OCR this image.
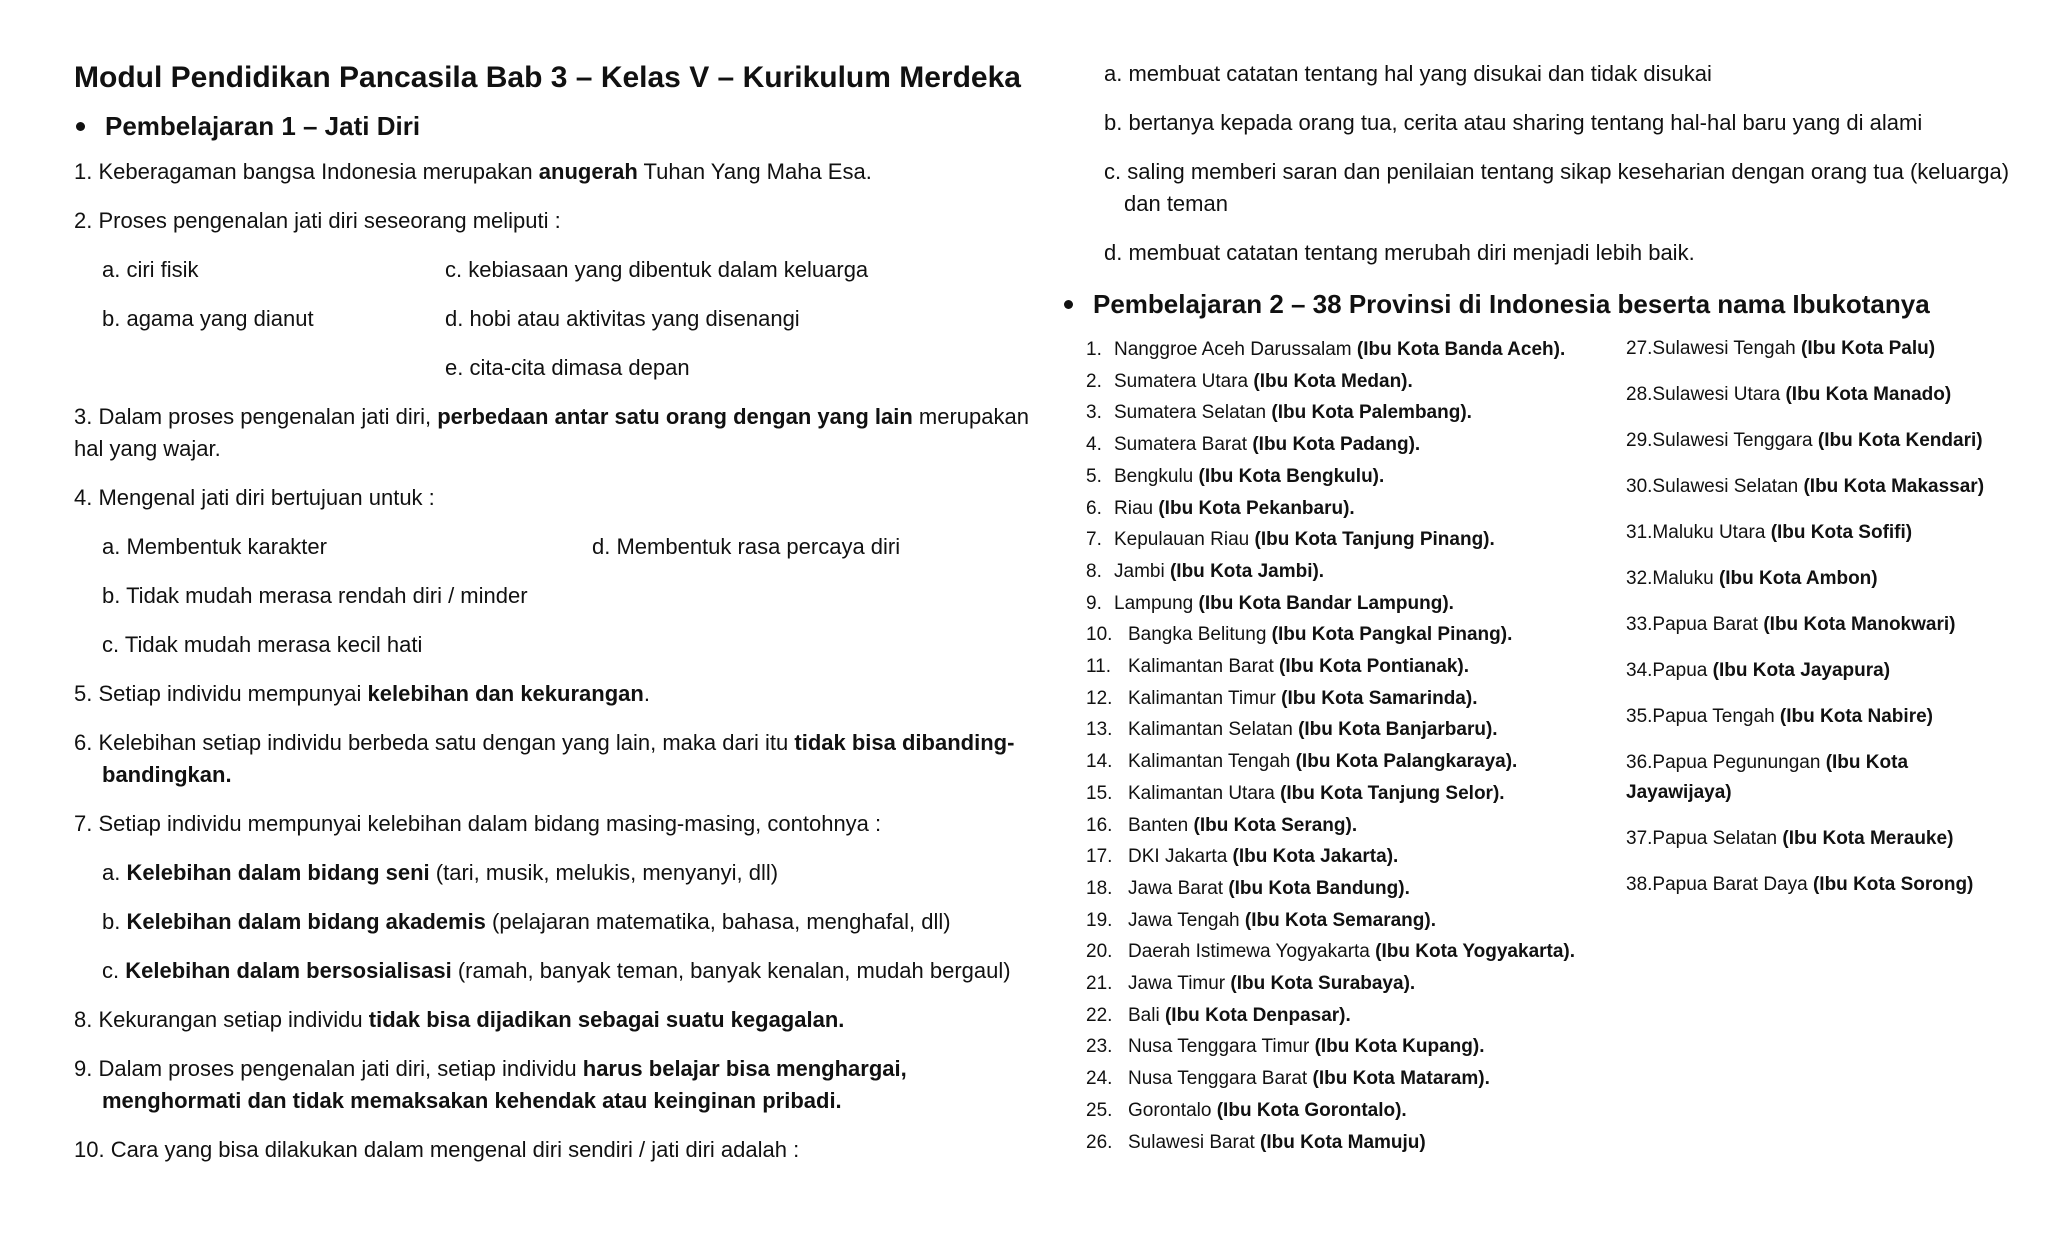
Modul Pendidikan Pancasila Bab 3 – Kelas V – Kurikulum Merdeka
Pembelajaran 1 – Jati Diri

1. Keberagaman bangsa Indonesia merupakan anugerah Tuhan Yang Maha Esa.

2. Proses pengenalan jati diri seseorang meliputi :

a. ciri fisik	c. kebiasaan yang dibentuk dalam keluarga
b. agama yang dianut	d. hobi atau aktivitas yang disenangi
e. cita-cita dimasa depan

3. Dalam proses pengenalan jati diri, perbedaan antar satu orang dengan yang lain merupakan hal yang wajar.

4. Mengenal jati diri bertujuan untuk :

a. Membentuk karakter	d. Membentuk rasa percaya diri
b. Tidak mudah merasa rendah diri / minder
c. Tidak mudah merasa kecil hati

5. Setiap individu mempunyai kelebihan dan kekurangan.

6. Kelebihan setiap individu berbeda satu dengan yang lain, maka dari itu tidak bisa dibanding-bandingkan.

7. Setiap individu mempunyai kelebihan dalam bidang masing-masing, contohnya :

a. Kelebihan dalam bidang seni (tari, musik, melukis, menyanyi, dll)
b. Kelebihan dalam bidang akademis (pelajaran matematika, bahasa, menghafal, dll)
c. Kelebihan dalam bersosialisasi (ramah, banyak teman, banyak kenalan, mudah bergaul)

8. Kekurangan setiap individu tidak bisa dijadikan sebagai suatu kegagalan.

9. Dalam proses pengenalan jati diri, setiap individu harus belajar bisa menghargai, menghormati dan tidak memaksakan kehendak atau keinginan pribadi.

10. Cara yang bisa dilakukan dalam mengenal diri sendiri / jati diri adalah :

a. membuat catatan tentang hal yang disukai dan tidak disukai
b. bertanya kepada orang tua, cerita atau sharing tentang hal-hal baru yang di alami
c. saling memberi saran dan penilaian tentang sikap keseharian dengan orang tua (keluarga) dan teman
d. membuat catatan tentang merubah diri menjadi lebih baik.
Pembelajaran 2 – 38 Provinsi di Indonesia beserta nama Ibukotanya
1. Nanggroe Aceh Darussalam (Ibu Kota Banda Aceh).
2. Sumatera Utara (Ibu Kota Medan).
3. Sumatera Selatan (Ibu Kota Palembang).
4. Sumatera Barat (Ibu Kota Padang).
5. Bengkulu (Ibu Kota Bengkulu).
6. Riau (Ibu Kota Pekanbaru).
7. Kepulauan Riau (Ibu Kota Tanjung Pinang).
8. Jambi (Ibu Kota Jambi).
9. Lampung (Ibu Kota Bandar Lampung).
10. Bangka Belitung (Ibu Kota Pangkal Pinang).
11. Kalimantan Barat (Ibu Kota Pontianak).
12. Kalimantan Timur (Ibu Kota Samarinda).
13. Kalimantan Selatan (Ibu Kota Banjarbaru).
14. Kalimantan Tengah (Ibu Kota Palangkaraya).
15. Kalimantan Utara (Ibu Kota Tanjung Selor).
16. Banten (Ibu Kota Serang).
17. DKI Jakarta (Ibu Kota Jakarta).
18. Jawa Barat (Ibu Kota Bandung).
19. Jawa Tengah (Ibu Kota Semarang).
20. Daerah Istimewa Yogyakarta (Ibu Kota Yogyakarta).
21. Jawa Timur (Ibu Kota Surabaya).
22. Bali (Ibu Kota Denpasar).
23. Nusa Tenggara Timur (Ibu Kota Kupang).
24. Nusa Tenggara Barat (Ibu Kota Mataram).
25. Gorontalo (Ibu Kota Gorontalo).
26. Sulawesi Barat (Ibu Kota Mamuju)
27.Sulawesi Tengah (Ibu Kota Palu)
28.Sulawesi Utara (Ibu Kota Manado)
29.Sulawesi Tenggara (Ibu Kota Kendari)
30.Sulawesi Selatan (Ibu Kota Makassar)
31.Maluku Utara (Ibu Kota Sofifi)
32.Maluku (Ibu Kota Ambon)
33.Papua Barat (Ibu Kota Manokwari)
34.Papua (Ibu Kota Jayapura)
35.Papua Tengah (Ibu Kota Nabire)
36.Papua Pegunungan (Ibu Kota Jayawijaya)
37.Papua Selatan (Ibu Kota Merauke)
38.Papua Barat Daya (Ibu Kota Sorong)
